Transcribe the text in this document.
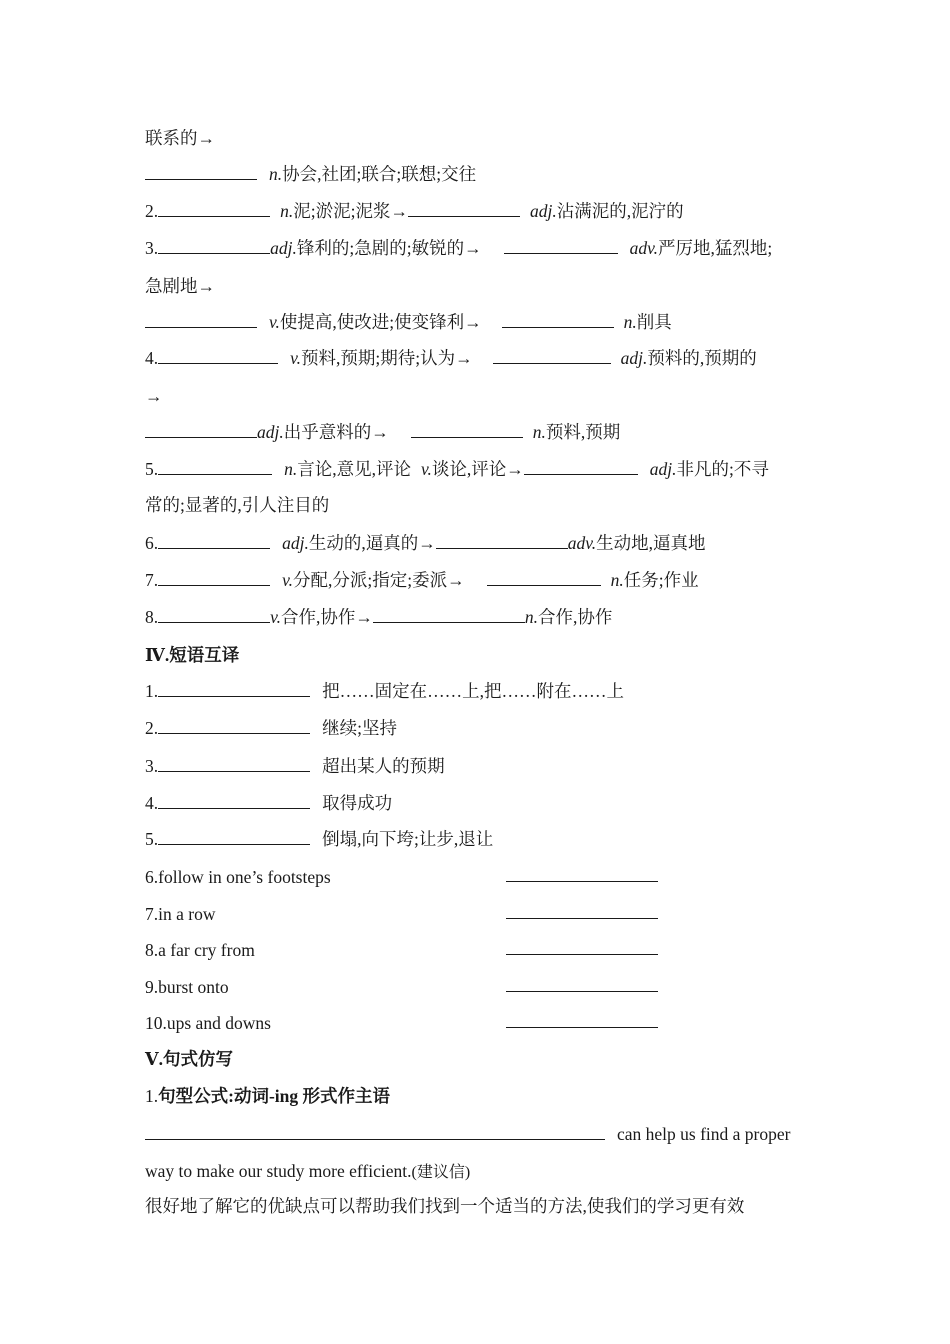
联系的→
n.协会,社团;联合;联想;交往
2.	n.泥;淤泥;泥浆→	adj.沾满泥的,泥泞的
3.	adj.锋利的;急剧的;敏锐的→	adv.严厉地,猛烈地;
急剧地→
v.使提高,使改进;使变锋利→	n.削具
4.	v.预料,预期;期待;认为→	adj.预料的,预期的
→
adj.出乎意料的→	n.预料,预期
5.	n.言论,意见,评论 v.谈论,评论→	adj.非凡的;不寻
常的;显著的,引人注目的
6.	adj.生动的,逼真的→	adv.生动地,逼真地
7.	v.分配,分派;指定;委派→	n.任务;作业
8.	v.合作,协作→	n.合作,协作
Ⅳ.短语互译
1.	把……固定在……上,把……附在……上
2.	继续;坚持
3.	超出某人的预期
4.	取得成功
5.	倒塌,向下垮;让步,退让
6.follow in one’s footsteps
7.in a row
8.a far cry from
9.burst onto
10.ups and downs
Ⅴ.句式仿写
1.句型公式:动词-ing 形式作主语
can help us find a proper
way to make our study more efficient.(建议信)
很好地了解它的优缺点可以帮助我们找到一个适当的方法,使我们的学习更有效
